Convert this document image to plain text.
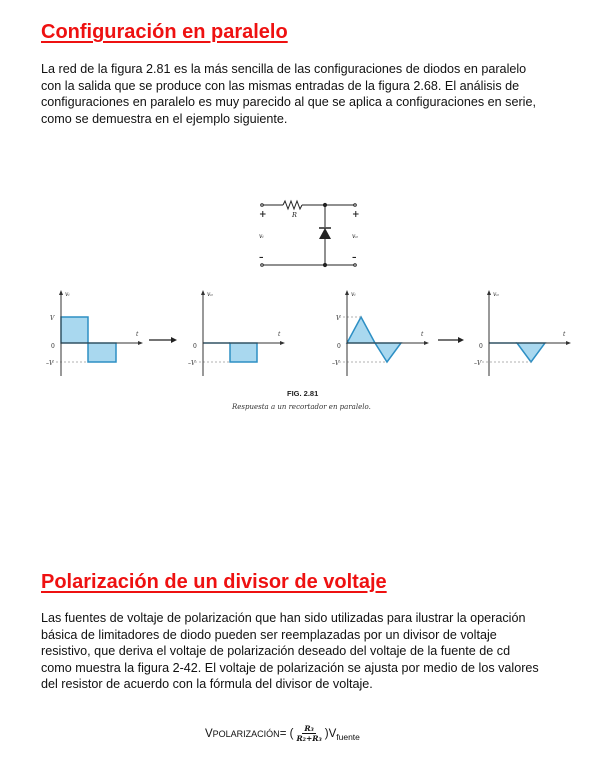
Configuración en paralelo

La red de la figura 2.81 es la más sencilla de las configuraciones de diodos en paralelo con la salida que se produce con las mismas entradas de la figura 2.68. El análisis de configuraciones en paralelo es muy parecido al que se aplica a configuraciones en serie, como se demuestra en el ejemplo siguiente.

R
vᵢ	vₒ
+
–
+
–
vᵢ
V
0
–V
t
vₒ
0
–V
t
vᵢ
V
0
–V
t
vₒ
0
–V
t
FIG. 2.81
Respuesta a un recortador en paralelo.
Polarización de un divisor de voltaje

Las fuentes de voltaje de polarización que han sido utilizadas para ilustrar la operación básica de limitadores de diodo pueden ser reemplazadas por un divisor de voltaje resistivo, que deriva el voltaje de polarización deseado del voltaje de la fuente de cd como muestra la figura 2-42. El voltaje de polarización se ajusta por medio de los valores del resistor de acuerdo con la fórmula del divisor de voltaje.

V POLARIZACIÓN = ( $\frac{\text{R₃}}{\text{R₂+R₃}} )V$ fuente
